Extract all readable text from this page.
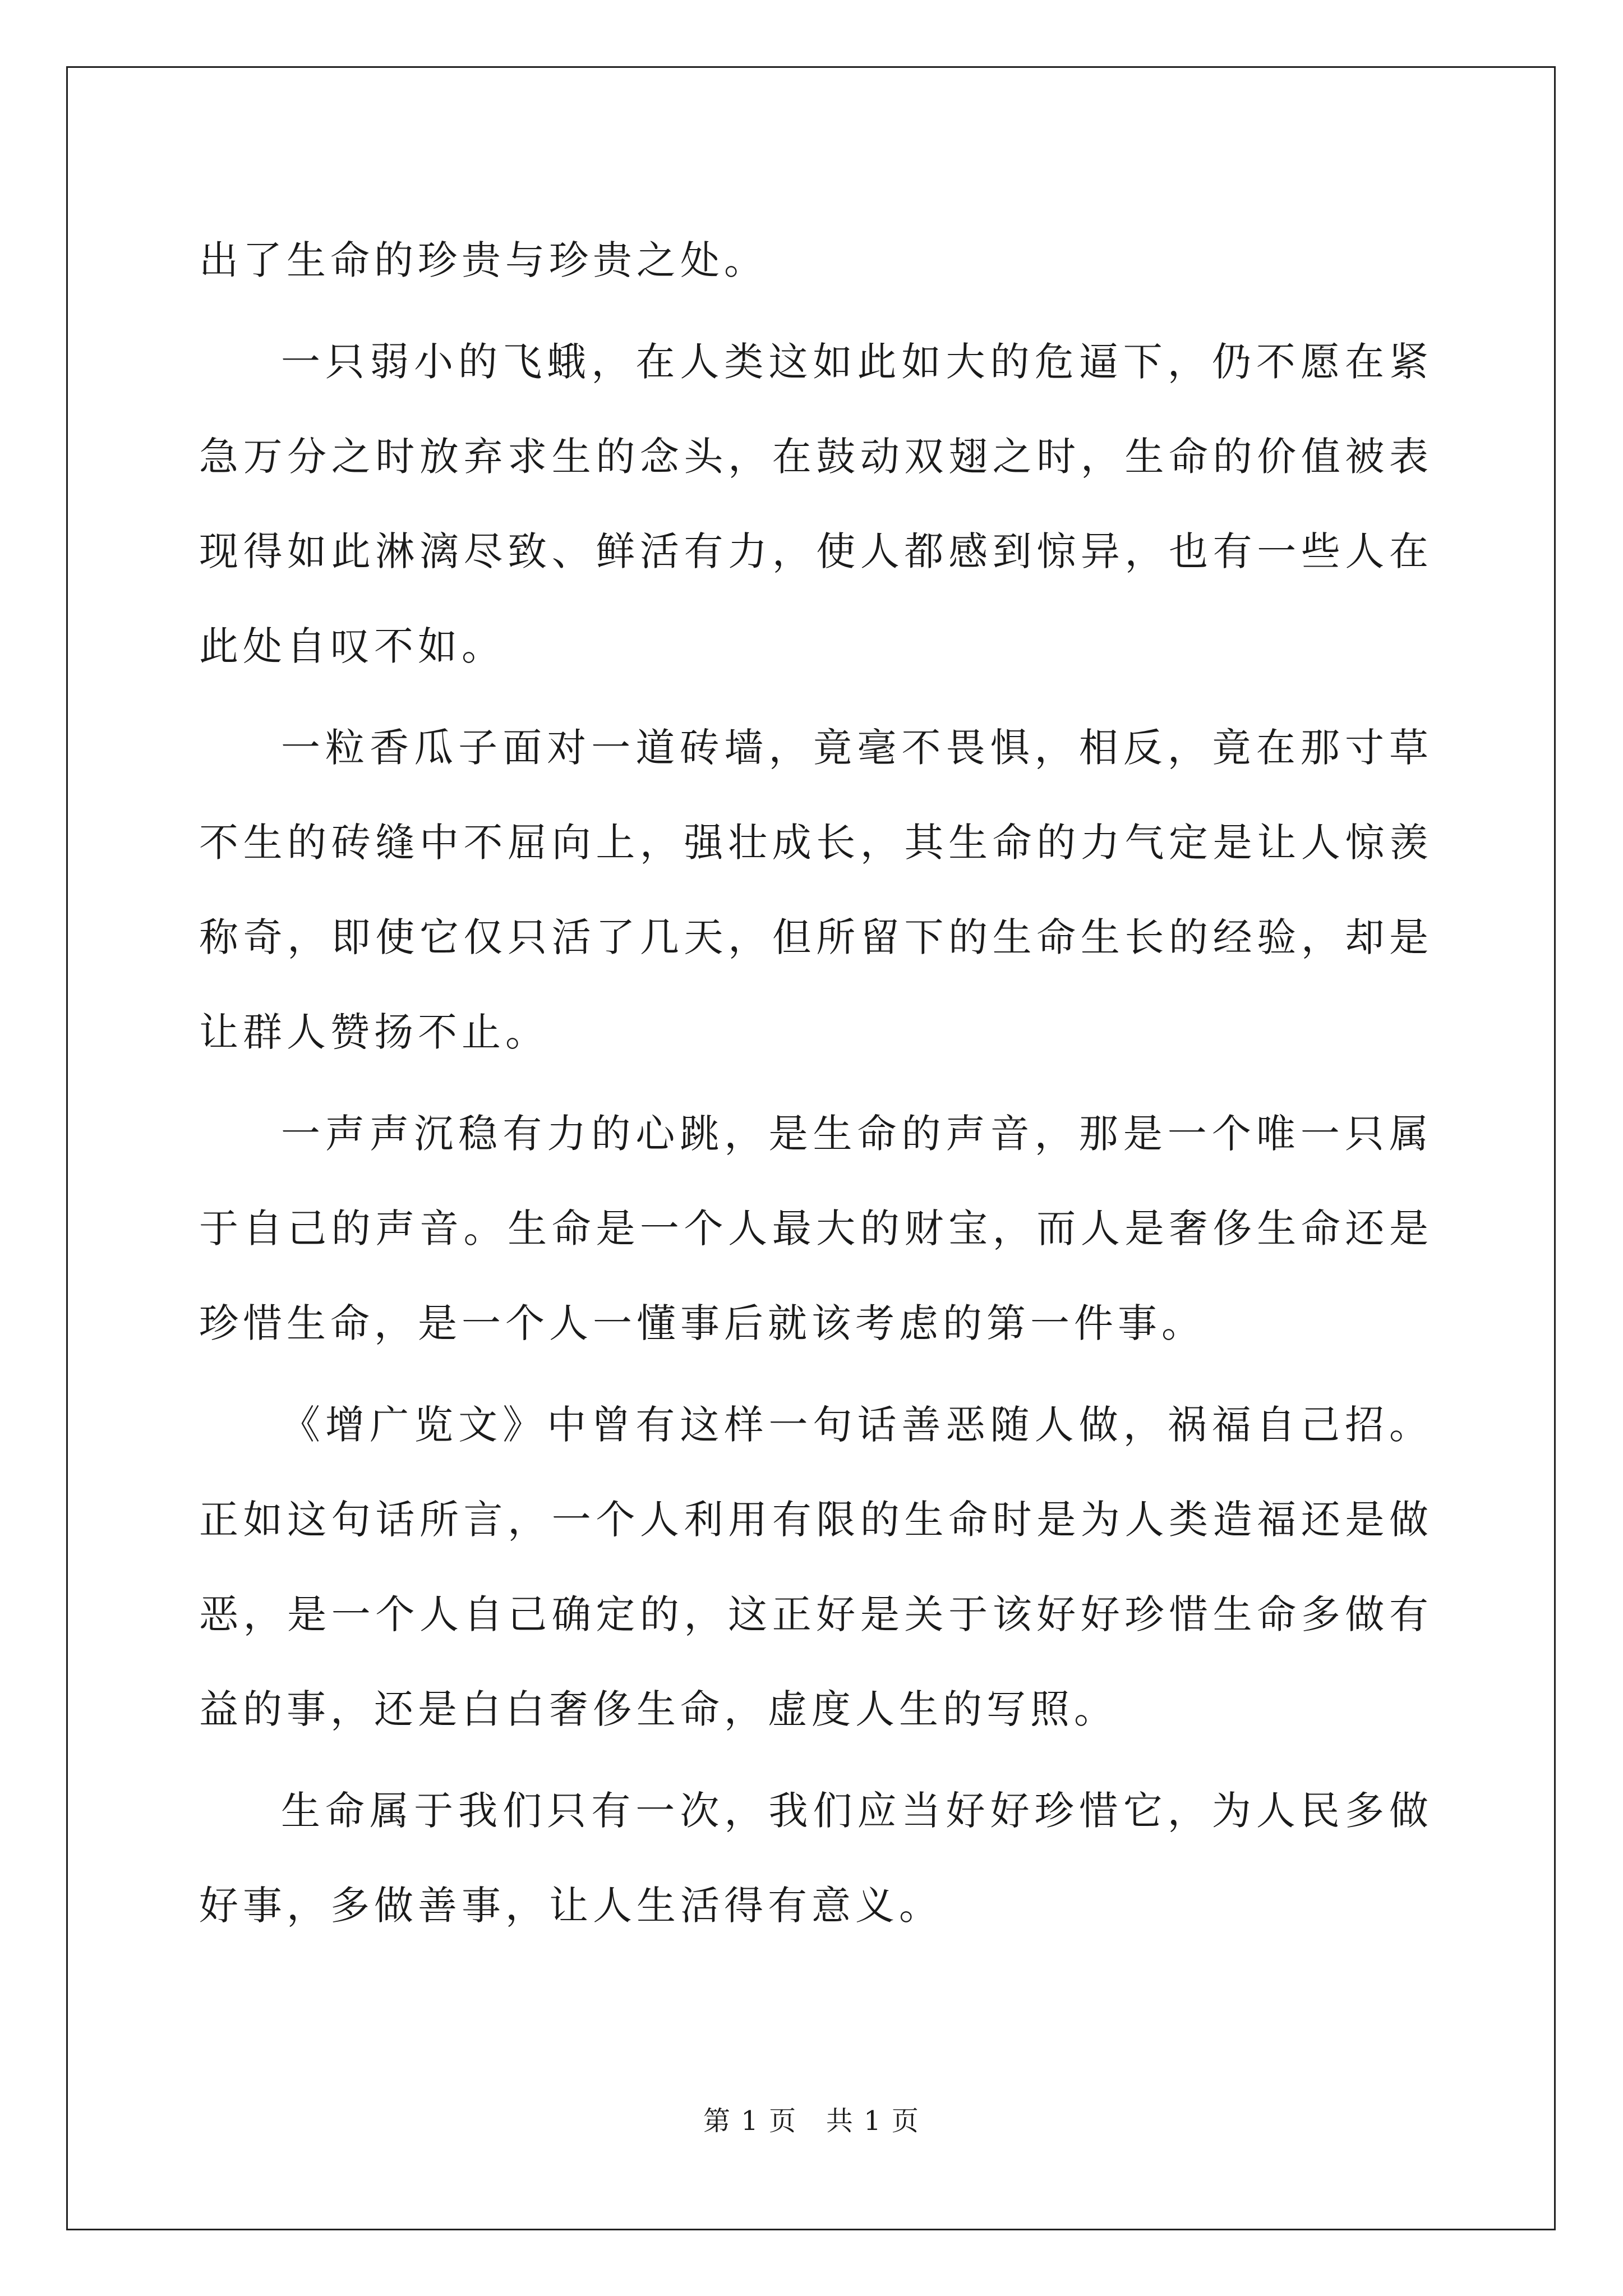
出了生命的珍贵与珍贵之处。

一只弱小的飞蛾，在人类这如此如大的危逼下，仍不愿在紧急万分之时放弃求生的念头，在鼓动双翅之时，生命的价值被表现得如此淋漓尽致、鲜活有力，使人都感到惊异，也有一些人在此处自叹不如。

一粒香瓜子面对一道砖墙，竟毫不畏惧，相反，竟在那寸草不生的砖缝中不屈向上，强壮成长，其生命的力气定是让人惊羡称奇，即使它仅只活了几天，但所留下的生命生长的经验，却是让群人赞扬不止。

一声声沉稳有力的心跳，是生命的声音，那是一个唯一只属于自己的声音。生命是一个人最大的财宝，而人是奢侈生命还是珍惜生命，是一个人一懂事后就该考虑的第一件事。

《增广览文》中曾有这样一句话善恶随人做，祸福自己招。正如这句话所言，一个人利用有限的生命时是为人类造福还是做恶，是一个人自己确定的，这正好是关于该好好珍惜生命多做有益的事，还是白白奢侈生命，虚度人生的写照。

生命属于我们只有一次，我们应当好好珍惜它，为人民多做好事，多做善事，让人生活得有意义。

第 1 页   共 1 页
